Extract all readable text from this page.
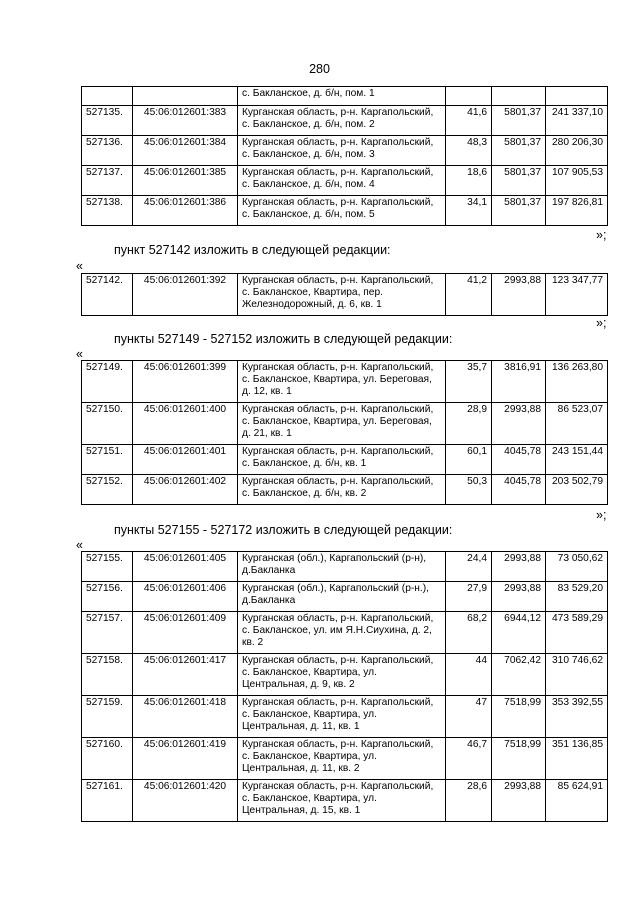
280
		с. Бакланское, д. б/н, пом. 1			
527135.	45:06:012601:383	Курганская область, р-н. Каргапольский, с. Бакланское, д. б/н, пом. 2	41,6	5801,37	241 337,10
527136.	45:06:012601:384	Курганская область, р-н. Каргапольский, с. Бакланское, д. б/н, пом. 3	48,3	5801,37	280 206,30
527137.	45:06:012601:385	Курганская область, р-н. Каргапольский, с. Бакланское, д. б/н, пом. 4	18,6	5801,37	107 905,53
527138.	45:06:012601:386	Курганская область, р-н. Каргапольский, с. Бакланское, д. б/н, пом. 5	34,1	5801,37	197 826,81
»;
пункт 527142 изложить в следующей редакции:
«
527142.	45:06:012601:392	Курганская область, р-н. Каргапольский, с. Бакланское, Квартира, пер. Железнодорожный, д. 6, кв. 1	41,2	2993,88	123 347,77
»;
пункты 527149 - 527152 изложить в следующей редакции:
«
527149.	45:06:012601:399	Курганская область, р-н. Каргапольский, с. Бакланское, Квартира, ул. Береговая, д. 12, кв. 1	35,7	3816,91	136 263,80
527150.	45:06:012601:400	Курганская область, р-н. Каргапольский, с. Бакланское, Квартира, ул. Береговая, д. 21, кв. 1	28,9	2993,88	86 523,07
527151.	45:06:012601:401	Курганская область, р-н. Каргапольский, с. Бакланское, д. б/н, кв. 1	60,1	4045,78	243 151,44
527152.	45:06:012601:402	Курганская область, р-н. Каргапольский, с. Бакланское, д. б/н, кв. 2	50,3	4045,78	203 502,79
»;
пункты 527155 - 527172 изложить в следующей редакции:
«
527155.	45:06:012601:405	Курганская (обл.), Каргапольский (р-н), д.Бакланка	24,4	2993,88	73 050,62
527156.	45:06:012601:406	Курганская (обл.), Каргапольский (р-н.), д.Бакланка	27,9	2993,88	83 529,20
527157.	45:06:012601:409	Курганская область, р-н. Каргапольский, с. Бакланское, ул. им Я.Н.Сиухина, д. 2, кв. 2	68,2	6944,12	473 589,29
527158.	45:06:012601:417	Курганская область, р-н. Каргапольский, с. Бакланское, Квартира, ул. Центральная, д. 9, кв. 2	44	7062,42	310 746,62
527159.	45:06:012601:418	Курганская область, р-н. Каргапольский, с. Бакланское, Квартира, ул. Центральная, д. 11, кв. 1	47	7518,99	353 392,55
527160.	45:06:012601:419	Курганская область, р-н. Каргапольский, с. Бакланское, Квартира, ул. Центральная, д. 11, кв. 2	46,7	7518,99	351 136,85
527161.	45:06:012601:420	Курганская область, р-н. Каргапольский, с. Бакланское, Квартира, ул. Центральная, д. 15, кв. 1	28,6	2993,88	85 624,91
